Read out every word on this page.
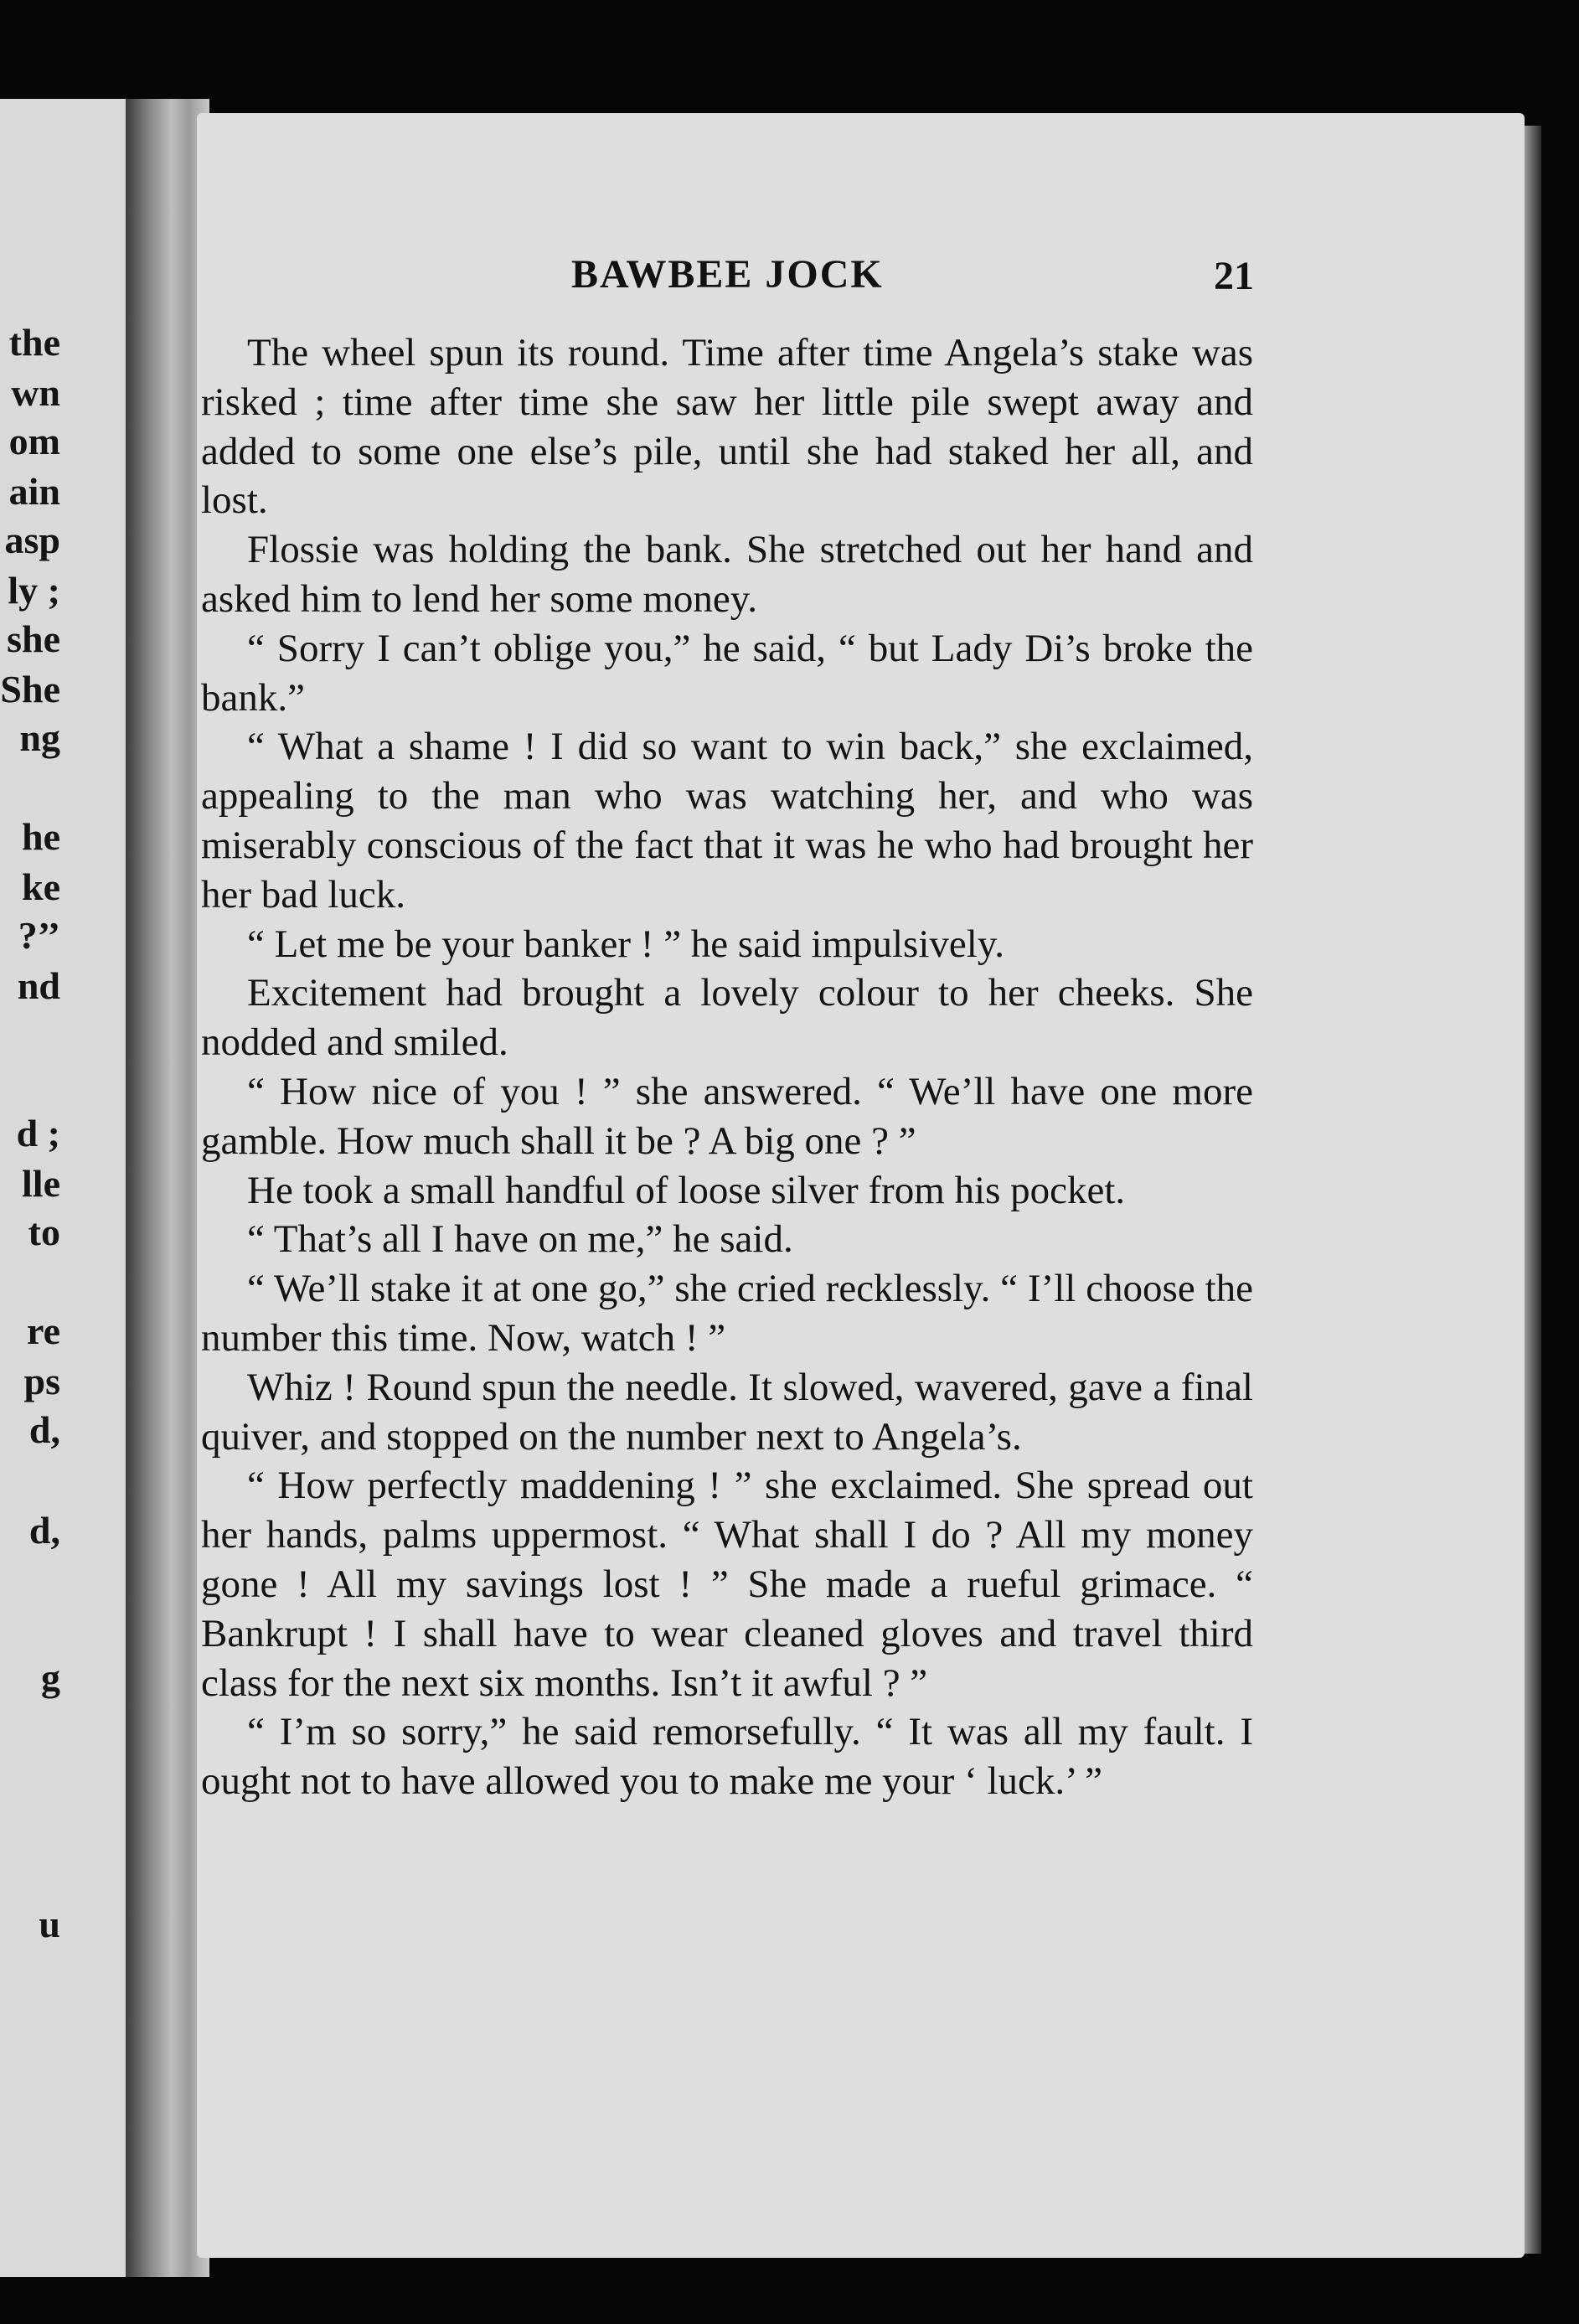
the
wn
om
ain
asp
ly ;
she
She
ng
he
ke
?’’
nd
d ;
lle
to
re
ps
d,
d,
g
u
BAWBEE JOCK	21

The wheel spun its round. Time after time Angela’s stake was risked ; time after time she saw her little pile swept away and added to some one else’s pile, until she had staked her all, and lost.

Flossie was holding the bank. She stretched out her hand and asked him to lend her some money.

“ Sorry I can’t oblige you,” he said, “ but Lady Di’s broke the bank.”

“ What a shame ! I did so want to win back,” she exclaimed, appealing to the man who was watching her, and who was miserably conscious of the fact that it was he who had brought her her bad luck.

“ Let me be your banker ! ” he said impulsively.

Excitement had brought a lovely colour to her cheeks. She nodded and smiled.

“ How nice of you ! ” she answered. “ We’ll have one more gamble. How much shall it be ? A big one ? ”

He took a small handful of loose silver from his pocket.

“ That’s all I have on me,” he said.

“ We’ll stake it at one go,” she cried recklessly. “ I’ll choose the number this time. Now, watch ! ”

Whiz ! Round spun the needle. It slowed, wavered, gave a final quiver, and stopped on the number next to Angela’s.

“ How perfectly maddening ! ” she exclaimed. She spread out her hands, palms uppermost. “ What shall I do ? All my money gone ! All my savings lost ! ” She made a rueful grimace. “ Bankrupt ! I shall have to wear cleaned gloves and travel third class for the next six months. Isn’t it awful ? ”

“ I’m so sorry,” he said remorsefully. “ It was all my fault. I ought not to have allowed you to make me your ‘ luck.’ ”
